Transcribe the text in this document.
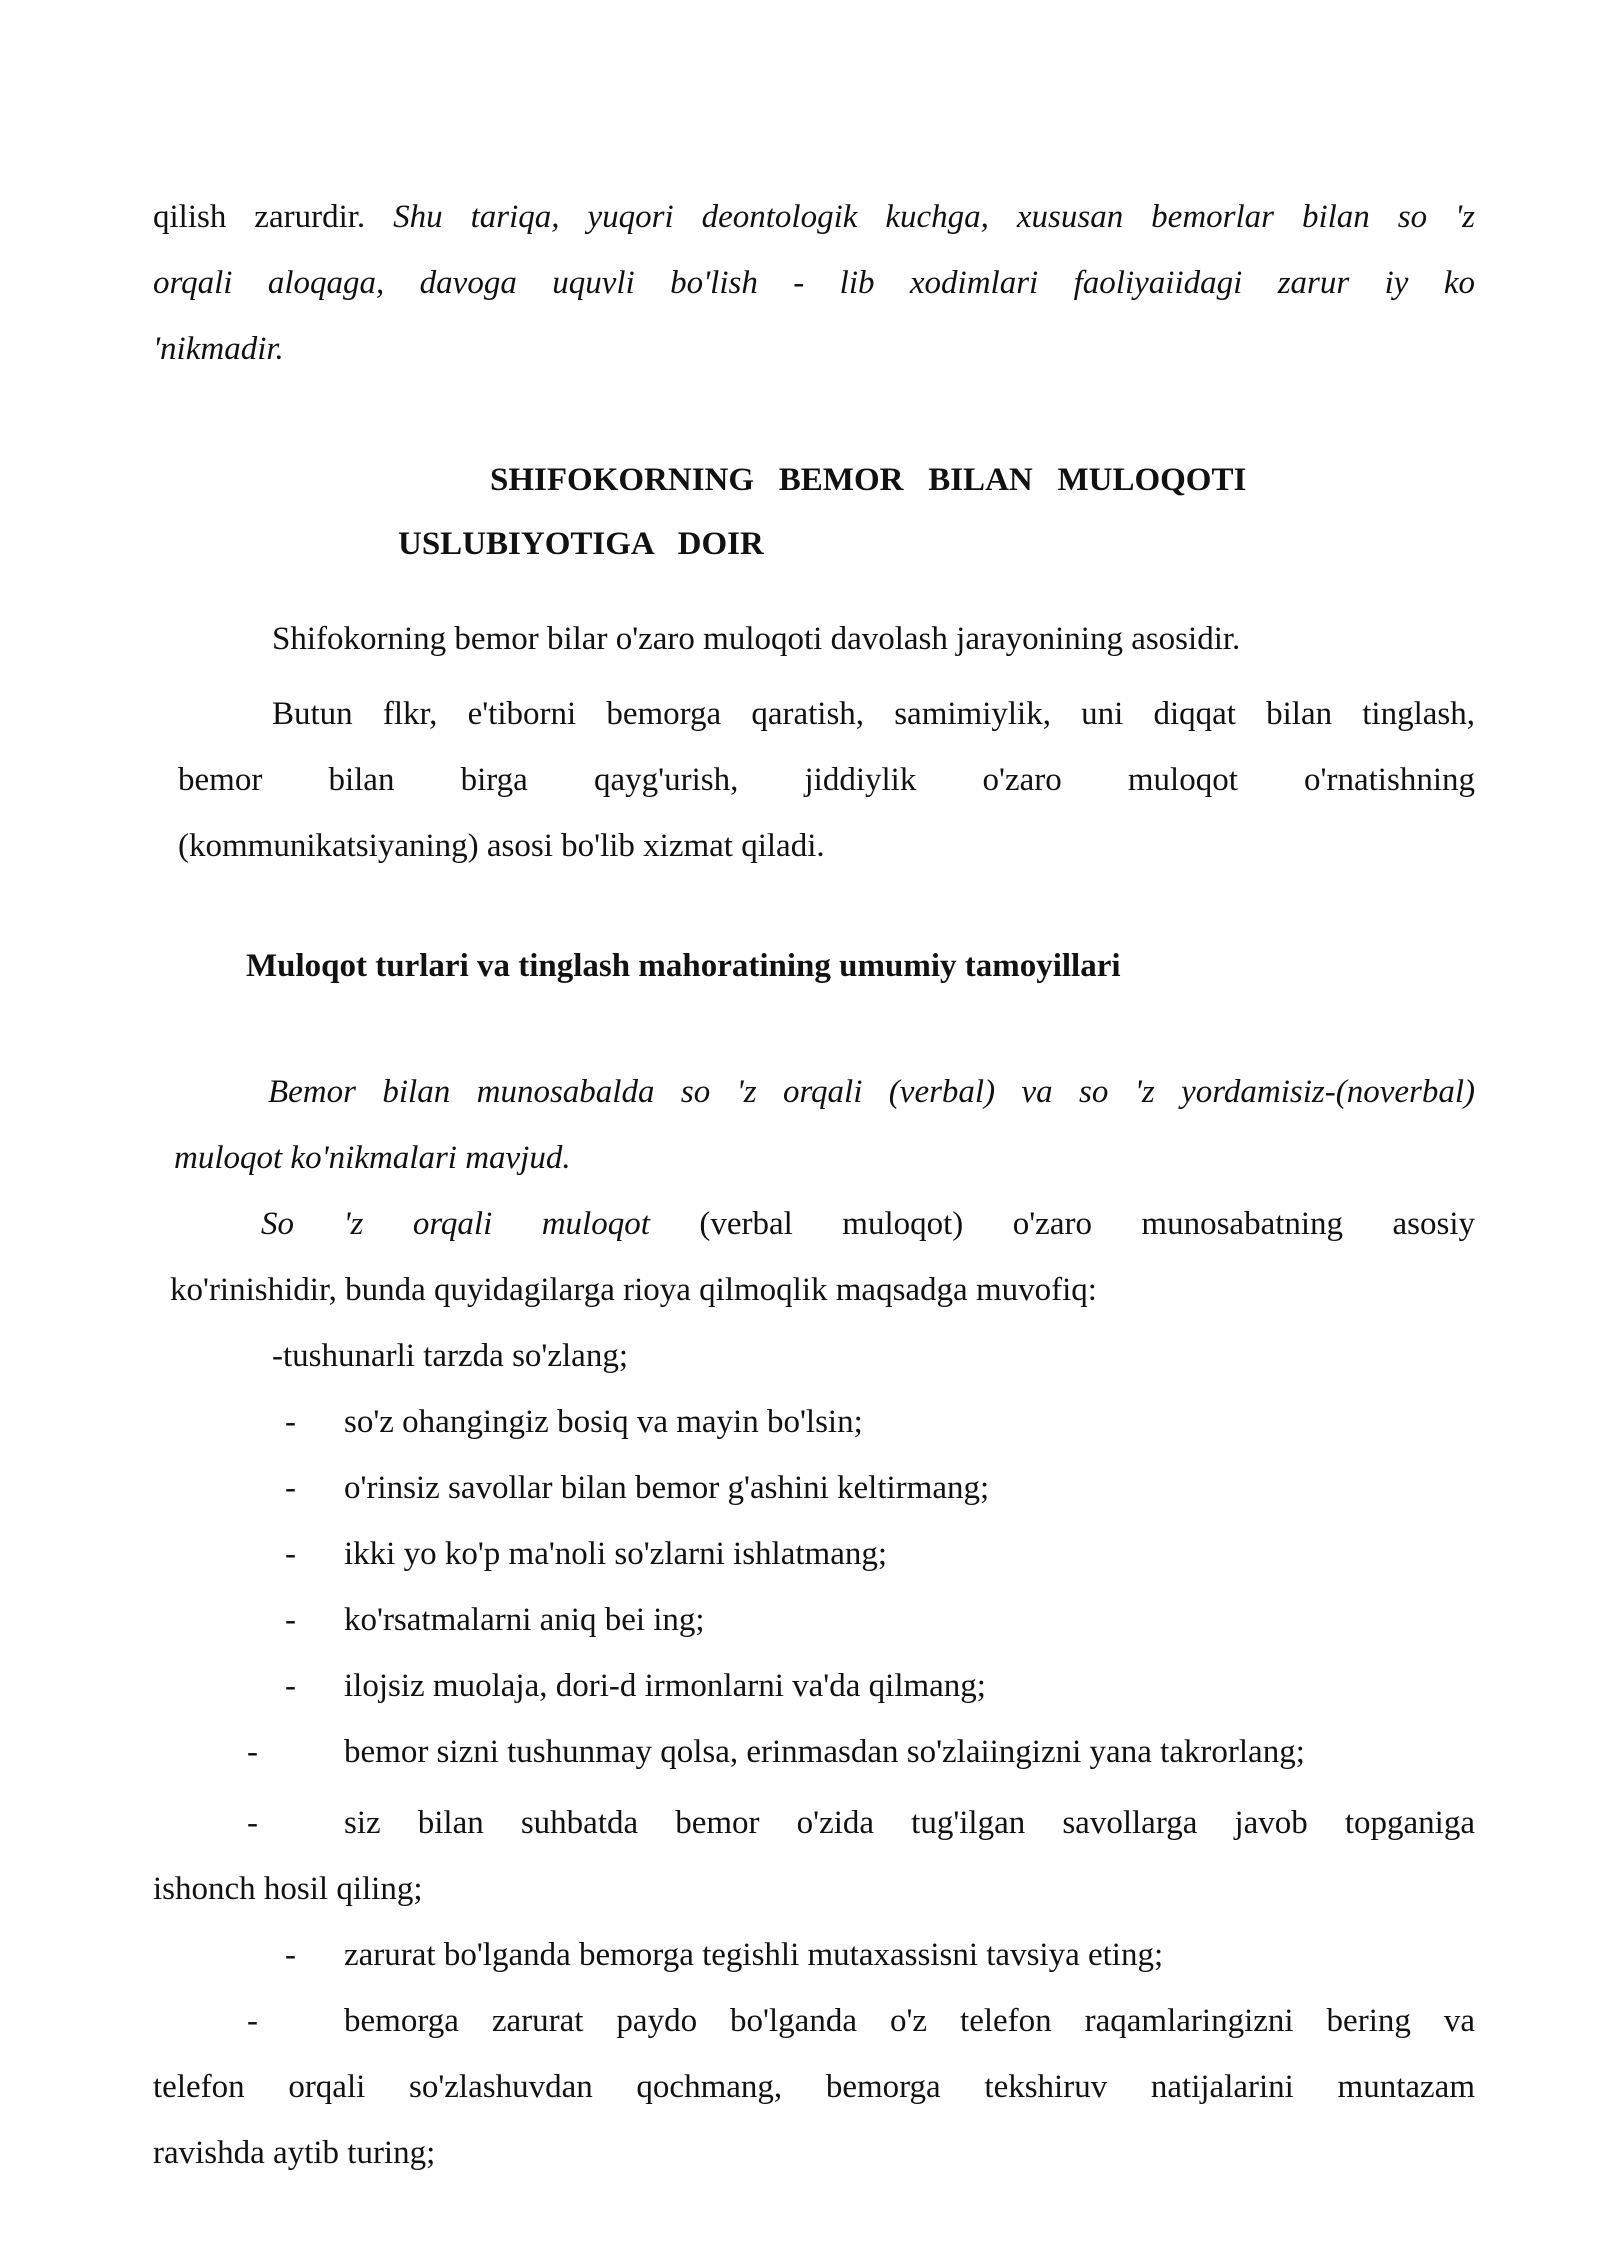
qilish zarurdir. Shu tariqa, yuqori deontologik kuchga, xususan bemorlar bilan so 'z
orqali aloqaga, davoga uquvli bo'lish - lib xodimlari faoliyaiidagi zarur iy ko
'nikmadir.
SHIFOKORNING   BEMOR   BILAN   MULOQOTI
USLUBIYOTIGA   DOIR
Shifokorning bemor bilar o'zaro muloqoti davolash jarayonining asosidir.
Butun flkr, e'tiborni bemorga qaratish, samimiylik, uni diqqat bilan tinglash,
bemor bilan birga qayg'urish, jiddiylik o'zaro muloqot o'rnatishning
(kommunikatsiyaning) asosi bo'lib xizmat qiladi.
Muloqot turlari va tinglash mahoratining umumiy tamoyillari
Bemor bilan munosabalda so 'z orqali (verbal) va so 'z yordamisiz-(noverbal)
muloqot ko'nikmalari mavjud.
So 'z orqali muloqot (verbal muloqot) o'zaro munosabatning asosiy
ko'rinishidir, bunda quyidagilarga rioya qilmoqlik maqsadga muvofiq:
-tushunarli tarzda so'zlang;
- so'z ohangingiz bosiq va mayin bo'lsin;
- o'rinsiz savollar bilan bemor g'ashini keltirmang;
- ikki yo ko'p ma'noli so'zlarni ishlatmang;
- ko'rsatmalarni aniq bei ing;
- ilojsiz muolaja, dori-d irmonlarni va'da qilmang;
-	bemor sizni tushunmay qolsa, erinmasdan so'zlaiingizni yana takrorlang;
-	siz bilan suhbatda bemor o'zida tug'ilgan savollarga javob topganiga
ishonch hosil qiling;
- zarurat bo'lganda bemorga tegishli mutaxassisni tavsiya eting;
-	bemorga zarurat paydo bo'lganda o'z telefon raqamlaringizni bering va
telefon orqali so'zlashuvdan qochmang, bemorga tekshiruv natijalarini muntazam
ravishda aytib turing;
